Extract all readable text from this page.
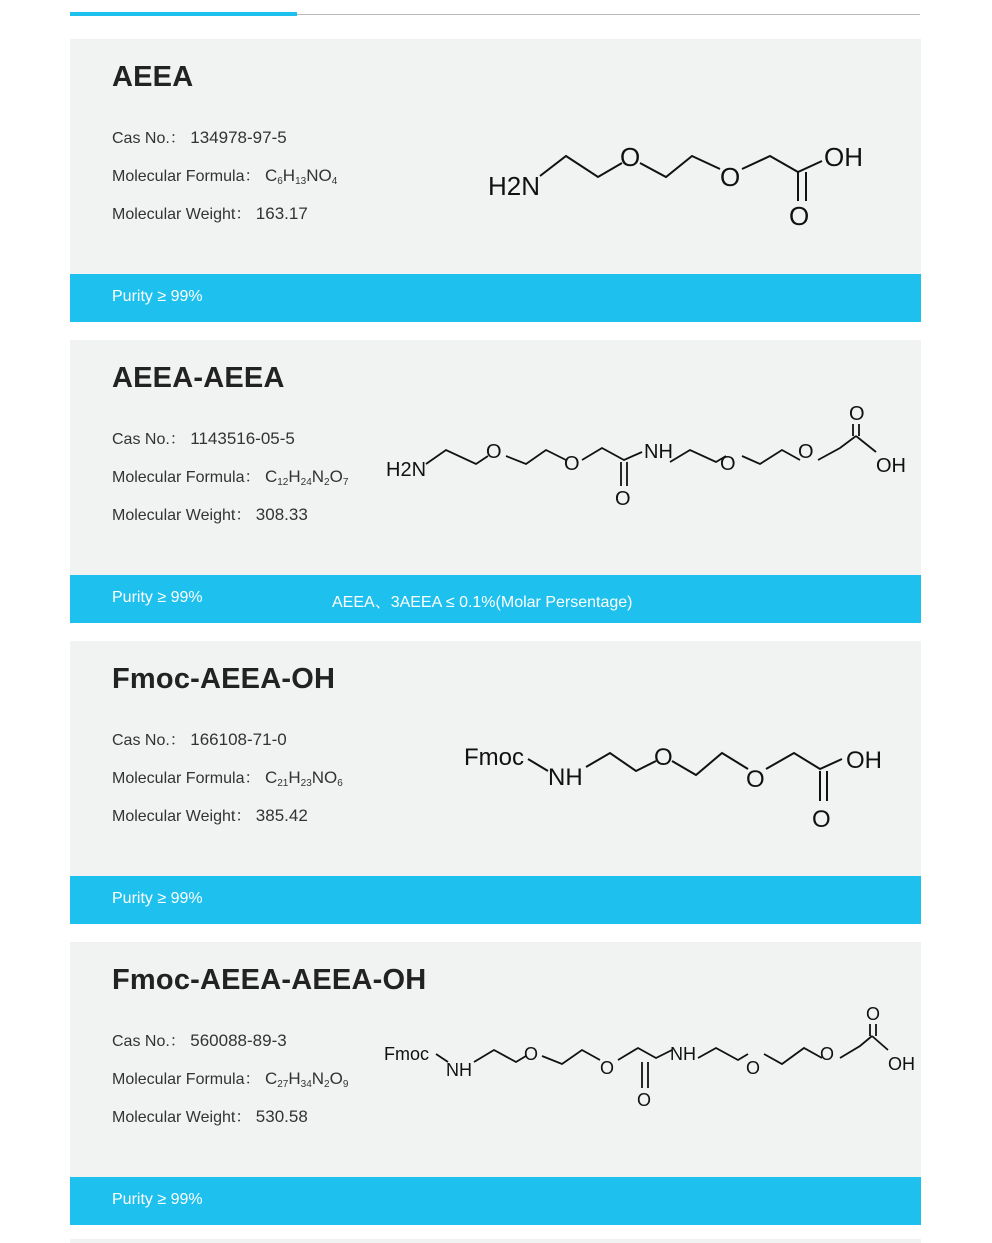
AEEA
Cas No.： 134978-97-5
Molecular Formula： $C_6H_{13}NO_4$
Molecular Weight： 163.17
H2N
O
O
OH
O
Purity ≥ 99%
AEEA-AEEA
Cas No.： 1143516-05-5
Molecular Formula： $C_{12}H_{24}N_2O_7$
Molecular Weight： 308.33
H2N
O
O
O
NH
O
O
O
OH
Purity ≥ 99%	AEEA、3AEEA ≤ 0.1%(Molar Persentage)
Fmoc-AEEA-OH
Cas No.： 166108-71-0
Molecular Formula： $C_{21}H_{23}NO_6$
Molecular Weight： 385.42
Fmoc
NH
O
O
OH
O
Purity ≥ 99%
Fmoc-AEEA-AEEA-OH
Cas No.： 560088-89-3
Molecular Formula： $C_{27}H_{34}N_2O_9$
Molecular Weight： 530.58
Fmoc
NH
O
O
O
NH
O
O
O
OH
Purity ≥ 99%
